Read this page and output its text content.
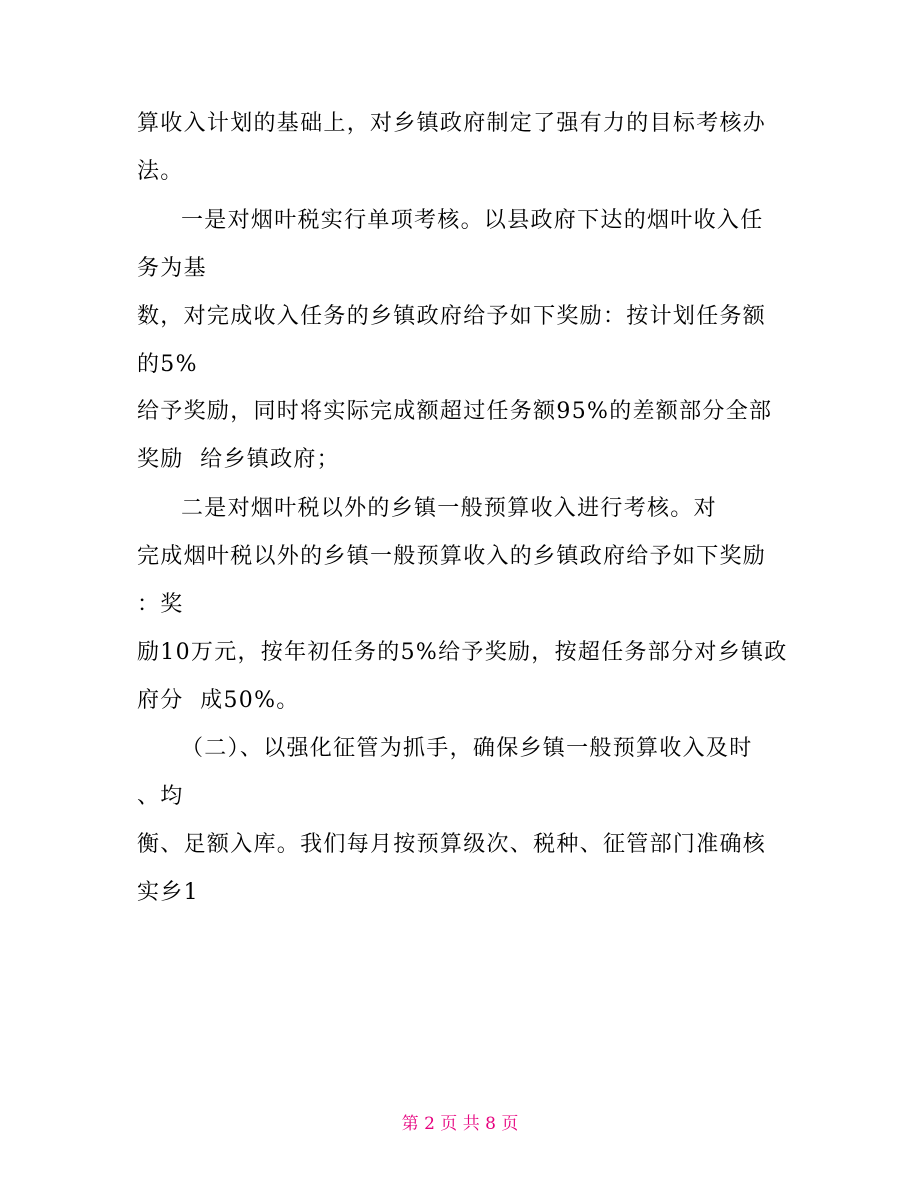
算收入计划的基础上，对乡镇政府制定了强有力的目标考核办
法。
一是对烟叶税实行单项考核。以县政府下达的烟叶收入任
务为基
数，对完成收入任务的乡镇政府给予如下奖励：按计划任务额
的5%
给予奖励，同时将实际完成额超过任务额95%的差额部分全部
奖励  给乡镇政府；
二是对烟叶税以外的乡镇一般预算收入进行考核。对
完成烟叶税以外的乡镇一般预算收入的乡镇政府给予如下奖励
：奖
励10万元，按年初任务的5%给予奖励，按超任务部分对乡镇政
府分  成50%。
（二）、以强化征管为抓手，确保乡镇一般预算收入及时
、均
衡、足额入库。我们每月按预算级次、税种、征管部门准确核
实乡1
第 2 页 共 8 页
